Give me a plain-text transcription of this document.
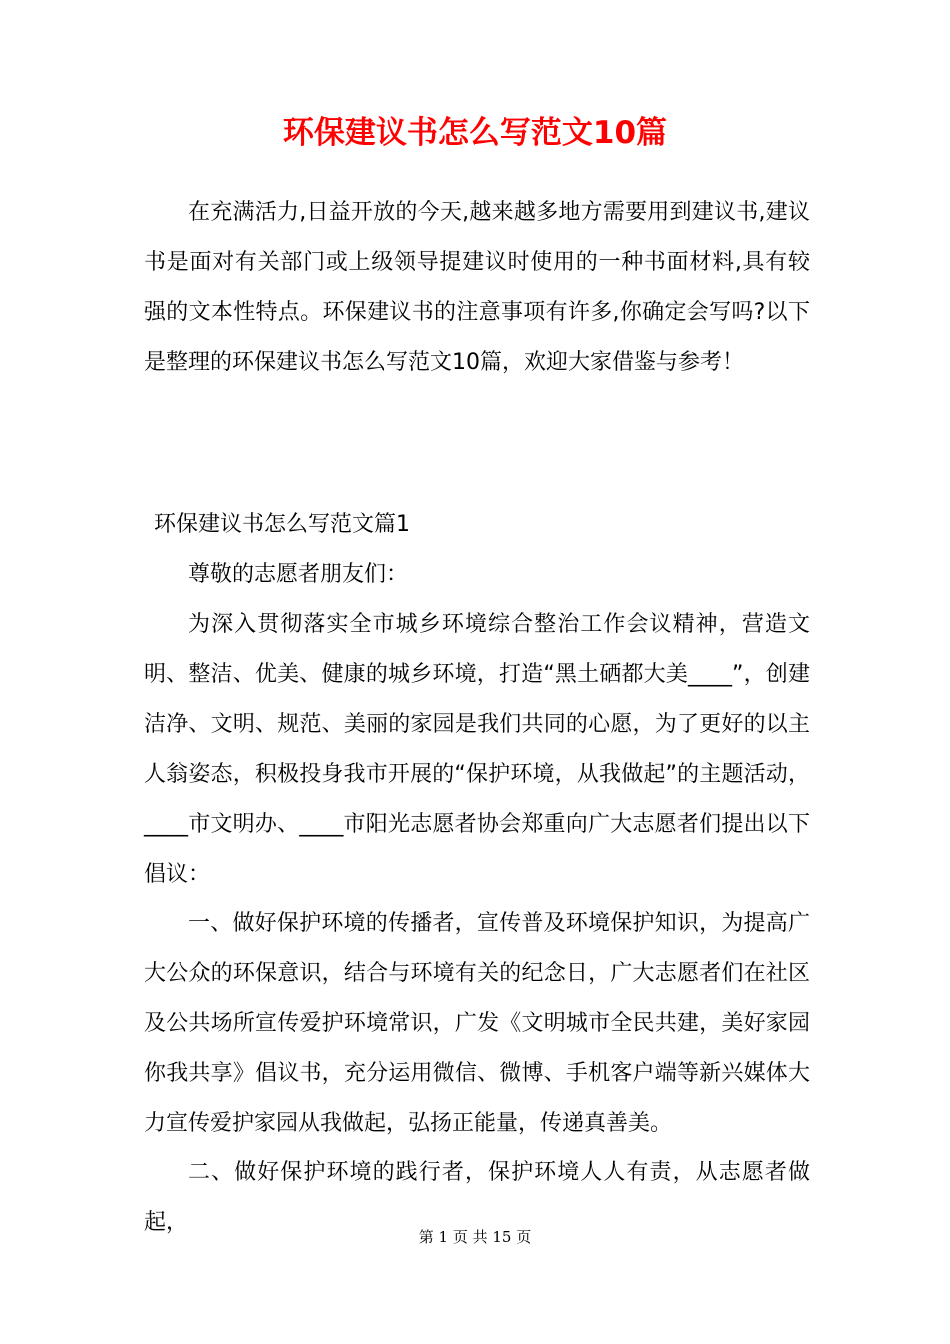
环保建议书怎么写范文10篇

在充满活力,日益开放的今天,越来越多地方需要用到建议书,建议书是面对有关部门或上级领导提建议时使用的一种书面材料,具有较强的文本性特点。环保建议书的注意事项有许多,你确定会写吗?以下是整理的环保建议书怎么写范文10篇，欢迎大家借鉴与参考！

环保建议书怎么写范文篇1

尊敬的志愿者朋友们：

为深入贯彻落实全市城乡环境综合整治工作会议精神，营造文明、整洁、优美、健康的城乡环境，打造“黑土硒都大美____”，创建洁净、文明、规范、美丽的家园是我们共同的心愿，为了更好的以主人翁姿态，积极投身我市开展的“保护环境，从我做起”的主题活动，____市文明办、____市阳光志愿者协会郑重向广大志愿者们提出以下倡议：

一、做好保护环境的传播者，宣传普及环境保护知识，为提高广大公众的环保意识，结合与环境有关的纪念日，广大志愿者们在社区及公共场所宣传爱护环境常识，广发《文明城市全民共建，美好家园你我共享》倡议书，充分运用微信、微博、手机客户端等新兴媒体大力宣传爱护家园从我做起，弘扬正能量，传递真善美。

二、做好保护环境的践行者，保护环境人人有责，从志愿者做起，

第 1 页 共 15 页
